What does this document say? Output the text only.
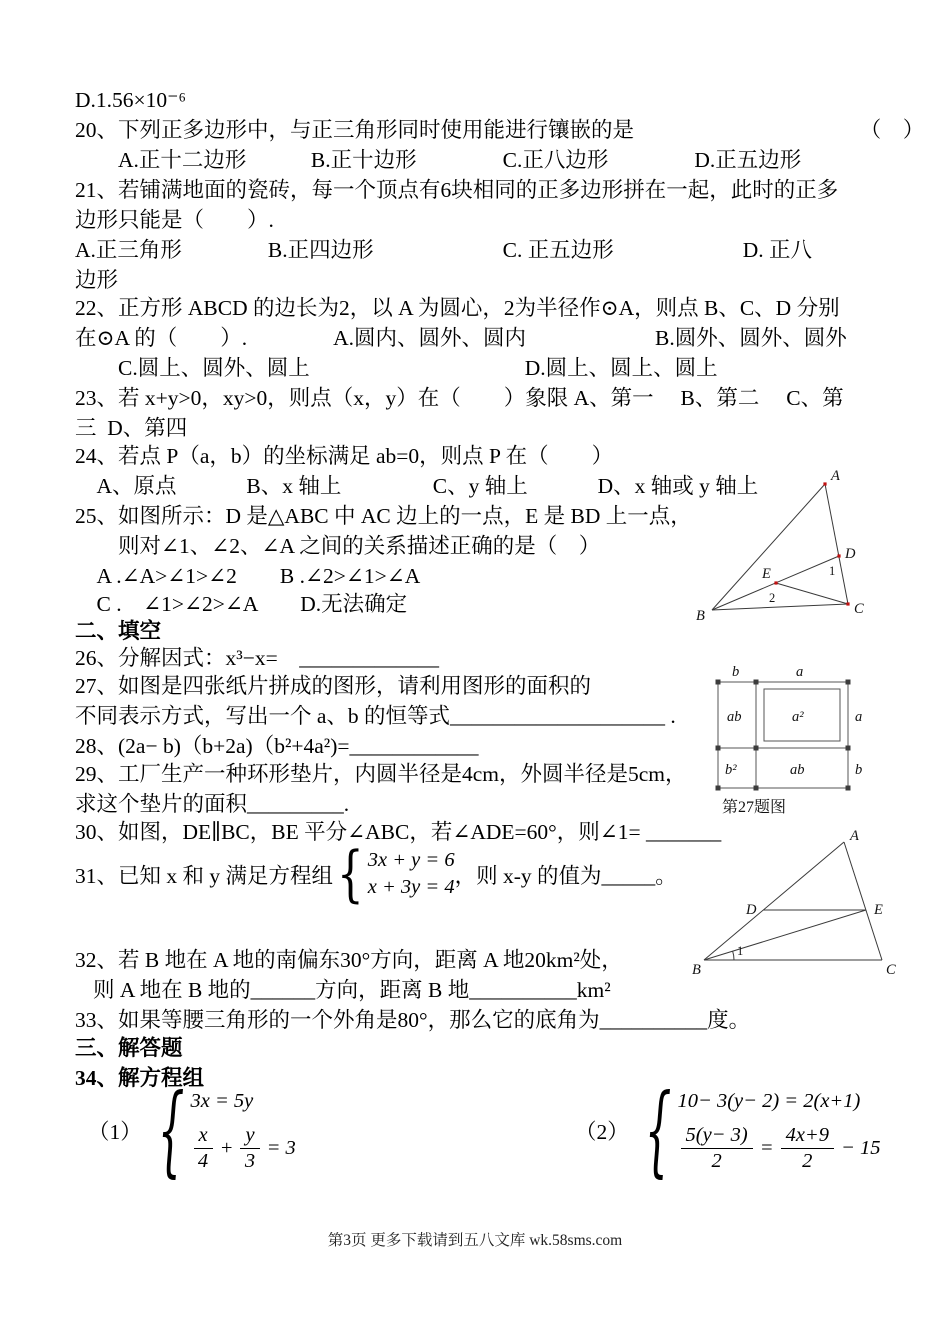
D.1.56×10⁻⁶
20、下列正多边形中，与正三角形同时使用能进行镶嵌的是　　　　　　　　　　　（　）
A.正十二边形　　　B.正十边形　　　　C.正八边形　　　　D.正五边形
21、若铺满地面的瓷砖，每一个顶点有6块相同的正多边形拼在一起，此时的正多
边形只能是（　　）.
A.正三角形　　　　B.正四边形　　　　　　C. 正五边形　　　　　　D. 正八
边形
22、正方形 ABCD 的边长为2，以 A 为圆心，2为半径作⊙A，则点 B、C、D 分别
在⊙A 的（　　）.　　　　A.圆内、圆外、圆内　　　　　　B.圆外、圆外、圆外
　　C.圆上、圆外、圆上　　　　　　　　　　D.圆上、圆上、圆上
23、若 x+y>0，xy>0，则点（x，y）在（　　）象限 A、第一　 B、第二　 C、第
三  D、第四
24、若点 P（a，b）的坐标满足 ab=0，则点 P 在（　　）
　A、原点　　　 B、x 轴上　　　　 C、y 轴上　　　 D、x 轴或 y 轴上
25、如图所示：D 是△ABC 中 AC 边上的一点，E 是 BD 上一点，
　　则对∠1、∠2、∠A 之间的关系描述正确的是（　）
　A .∠A>∠1>∠2　　B .∠2>∠1>∠A
　C .　∠1>∠2>∠A　　D.无法确定
二、填空
26、分解因式：x³−x=　_____________
27、如图是四张纸片拼成的图形，请利用图形的面积的
不同表示方式，写出一个 a、b 的恒等式____________________ .
28、(2a− b)（b+2a)（b²+4a²)=____________
29、工厂生产一种环形垫片，内圆半径是4cm，外圆半径是5cm，
求这个垫片的面积_________.
30、如图，DE∥BC，BE 平分∠ABC，若∠ADE=60°，则∠1= _______
32、若 B 地在 A 地的南偏东30°方向，距离 A 地20km²处，
则 A 地在 B 地的______方向，距离 B 地__________km²
33、如果等腰三角形的一个外角是80°，那么它的底角为__________度。
三、解答题
34、解方程组
31、已知 x 和 y 满足方程组 { 3x + y = 6
x + 3y = 4 ，则 x-y 的值为_____。
（1） { 3x = 5y
$\frac{x}{4} + \frac{y}{3} = 3$
（2） { 10− 3(y− 2) = 2(x+1)
$\frac{5(y- 3)}{2} = \frac{4x+9}{2} - 15$
A
B	C
D
E	1
2
b	a
ab	a²	a
b²	ab	b
第27题图
A
B	C
D	E
1
第3页 更多下载请到五八文库 wk.58sms.com
